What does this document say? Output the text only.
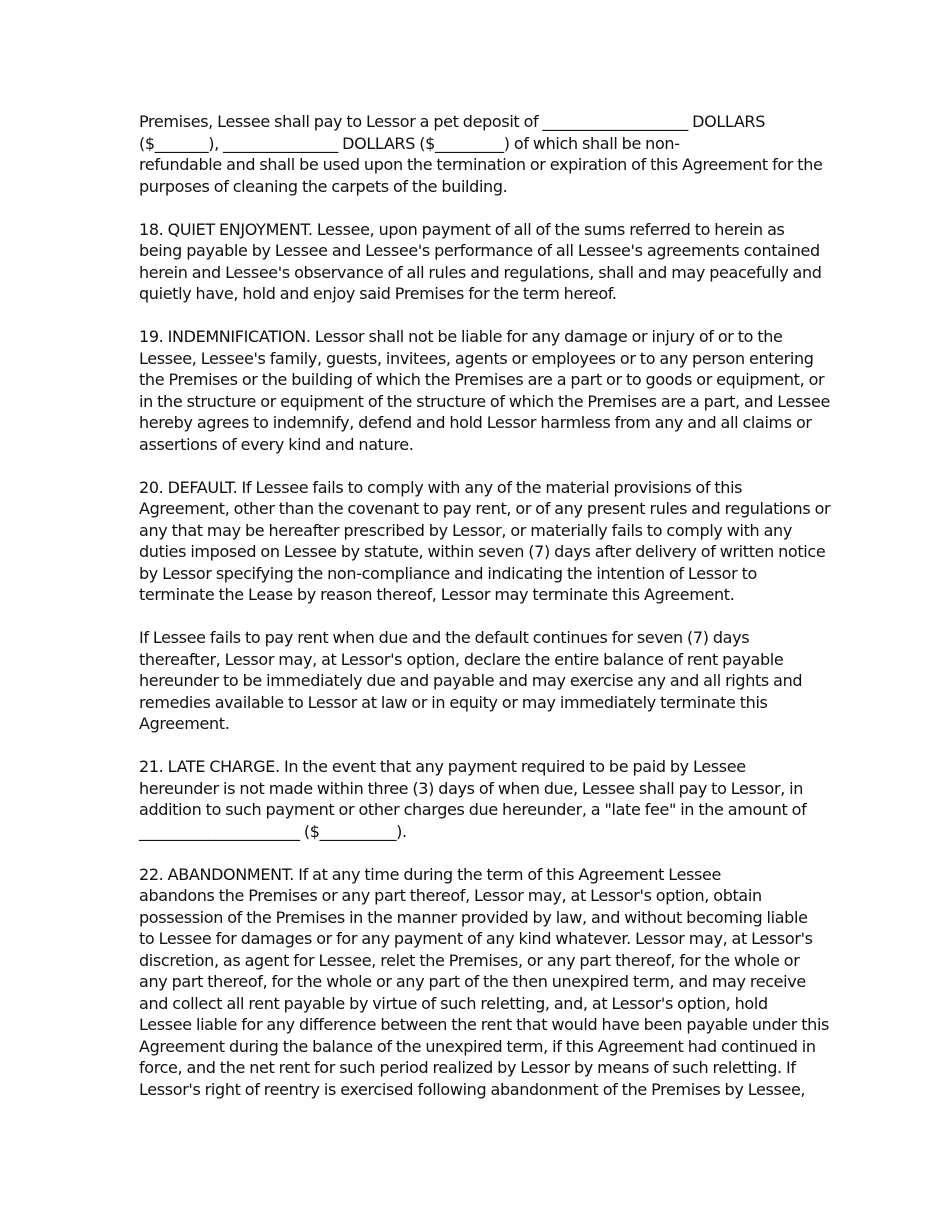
Premises, Lessee shall pay to Lessor a pet deposit of ___________________ DOLLARS
($_______), _______________ DOLLARS ($_________) of which shall be non-
refundable and shall be used upon the termination or expiration of this Agreement for the
purposes of cleaning the carpets of the building.
18. QUIET ENJOYMENT. Lessee, upon payment of all of the sums referred to herein as
being payable by Lessee and Lessee's performance of all Lessee's agreements contained
herein and Lessee's observance of all rules and regulations, shall and may peacefully and
quietly have, hold and enjoy said Premises for the term hereof.
19. INDEMNIFICATION. Lessor shall not be liable for any damage or injury of or to the
Lessee, Lessee's family, guests, invitees, agents or employees or to any person entering
the Premises or the building of which the Premises are a part or to goods or equipment, or
in the structure or equipment of the structure of which the Premises are a part, and Lessee
hereby agrees to indemnify, defend and hold Lessor harmless from any and all claims or
assertions of every kind and nature.
20. DEFAULT. If Lessee fails to comply with any of the material provisions of this
Agreement, other than the covenant to pay rent, or of any present rules and regulations or
any that may be hereafter prescribed by Lessor, or materially fails to comply with any
duties imposed on Lessee by statute, within seven (7) days after delivery of written notice
by Lessor specifying the non-compliance and indicating the intention of Lessor to
terminate the Lease by reason thereof, Lessor may terminate this Agreement.
If Lessee fails to pay rent when due and the default continues for seven (7) days
thereafter, Lessor may, at Lessor's option, declare the entire balance of rent payable
hereunder to be immediately due and payable and may exercise any and all rights and
remedies available to Lessor at law or in equity or may immediately terminate this
Agreement.
21. LATE CHARGE. In the event that any payment required to be paid by Lessee
hereunder is not made within three (3) days of when due, Lessee shall pay to Lessor, in
addition to such payment or other charges due hereunder, a "late fee" in the amount of
_____________________ ($__________).
22. ABANDONMENT. If at any time during the term of this Agreement Lessee
abandons the Premises or any part thereof, Lessor may, at Lessor's option, obtain
possession of the Premises in the manner provided by law, and without becoming liable
to Lessee for damages or for any payment of any kind whatever. Lessor may, at Lessor's
discretion, as agent for Lessee, relet the Premises, or any part thereof, for the whole or
any part thereof, for the whole or any part of the then unexpired term, and may receive
and collect all rent payable by virtue of such reletting, and, at Lessor's option, hold
Lessee liable for any difference between the rent that would have been payable under this
Agreement during the balance of the unexpired term, if this Agreement had continued in
force, and the net rent for such period realized by Lessor by means of such reletting. If
Lessor's right of reentry is exercised following abandonment of the Premises by Lessee,
